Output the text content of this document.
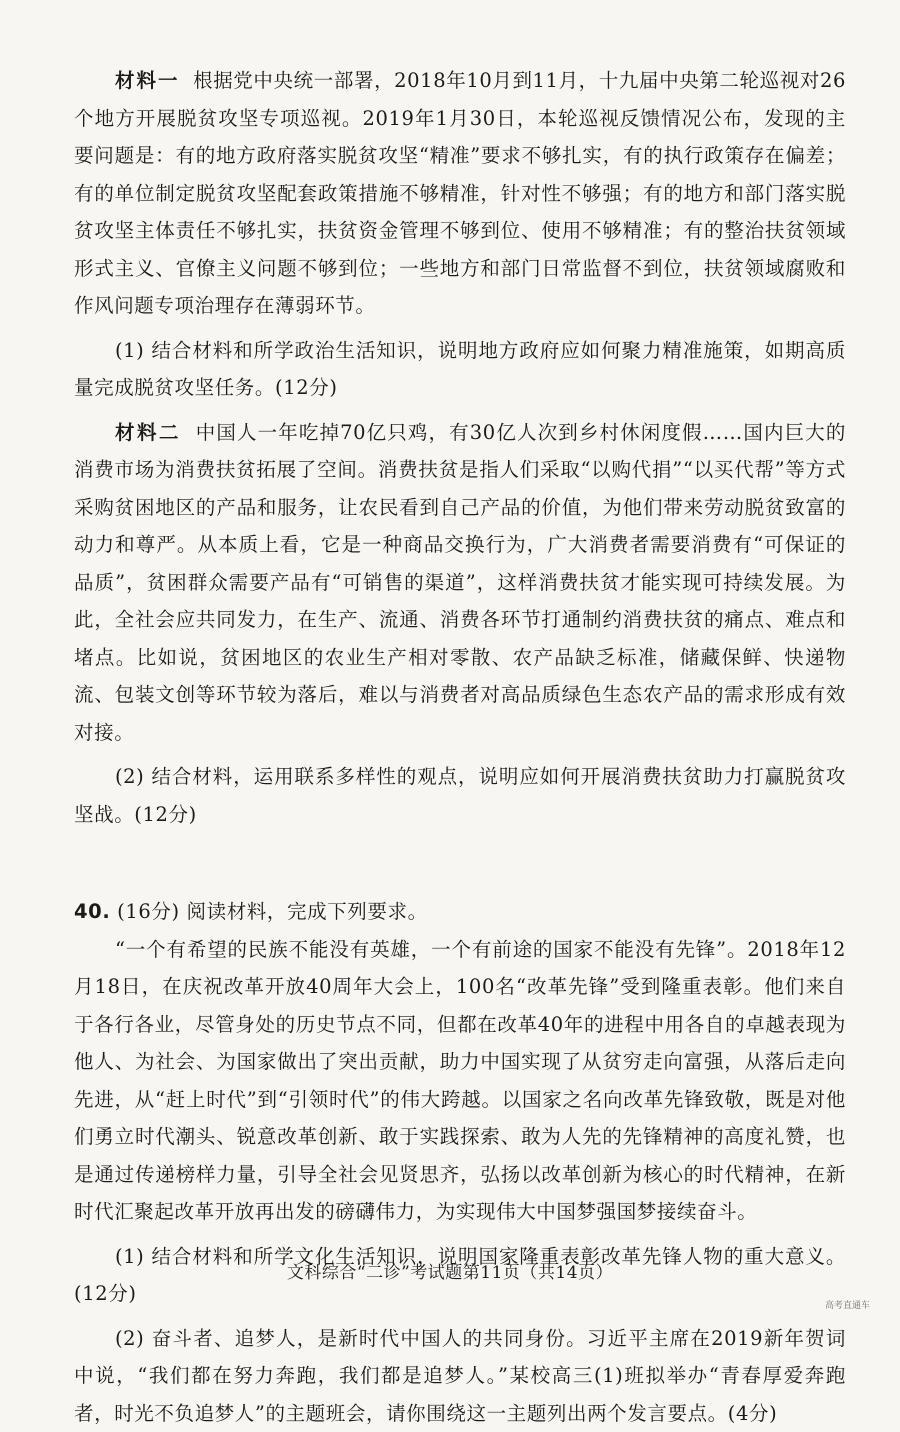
材料一 根据党中央统一部署，2018年10月到11月，十九届中央第二轮巡视对26个地方开展脱贫攻坚专项巡视。2019年1月30日，本轮巡视反馈情况公布，发现的主要问题是：有的地方政府落实脱贫攻坚“精准”要求不够扎实，有的执行政策存在偏差；有的单位制定脱贫攻坚配套政策措施不够精准，针对性不够强；有的地方和部门落实脱贫攻坚主体责任不够扎实，扶贫资金管理不够到位、使用不够精准；有的整治扶贫领域形式主义、官僚主义问题不够到位；一些地方和部门日常监督不到位，扶贫领域腐败和作风问题专项治理存在薄弱环节。

(1) 结合材料和所学政治生活知识，说明地方政府应如何聚力精准施策，如期高质量完成脱贫攻坚任务。(12分)

材料二 中国人一年吃掉70亿只鸡，有30亿人次到乡村休闲度假……国内巨大的消费市场为消费扶贫拓展了空间。消费扶贫是指人们采取“以购代捐”“以买代帮”等方式采购贫困地区的产品和服务，让农民看到自己产品的价值，为他们带来劳动脱贫致富的动力和尊严。从本质上看，它是一种商品交换行为，广大消费者需要消费有“可保证的品质”，贫困群众需要产品有“可销售的渠道”，这样消费扶贫才能实现可持续发展。为此，全社会应共同发力，在生产、流通、消费各环节打通制约消费扶贫的痛点、难点和堵点。比如说，贫困地区的农业生产相对零散、农产品缺乏标准，储藏保鲜、快递物流、包装文创等环节较为落后，难以与消费者对高品质绿色生态农产品的需求形成有效对接。

(2) 结合材料，运用联系多样性的观点，说明应如何开展消费扶贫助力打赢脱贫攻坚战。(12分)

40. (16分) 阅读材料，完成下列要求。

“一个有希望的民族不能没有英雄，一个有前途的国家不能没有先锋”。2018年12月18日，在庆祝改革开放40周年大会上，100名“改革先锋”受到隆重表彰。他们来自于各行各业，尽管身处的历史节点不同，但都在改革40年的进程中用各自的卓越表现为他人、为社会、为国家做出了突出贡献，助力中国实现了从贫穷走向富强，从落后走向先进，从“赶上时代”到“引领时代”的伟大跨越。以国家之名向改革先锋致敬，既是对他们勇立时代潮头、锐意改革创新、敢于实践探索、敢为人先的先锋精神的高度礼赞，也是通过传递榜样力量，引导全社会见贤思齐，弘扬以改革创新为核心的时代精神，在新时代汇聚起改革开放再出发的磅礴伟力，为实现伟大中国梦强国梦接续奋斗。

(1) 结合材料和所学文化生活知识，说明国家隆重表彰改革先锋人物的重大意义。(12分)

(2) 奋斗者、追梦人，是新时代中国人的共同身份。习近平主席在2019新年贺词中说，“我们都在努力奔跑，我们都是追梦人。”某校高三(1)班拟举办“青春厚爱奔跑者，时光不负追梦人”的主题班会，请你围绕这一主题列出两个发言要点。(4分)

文科综合“二诊”考试题第11页（共14页）
高考直通车
